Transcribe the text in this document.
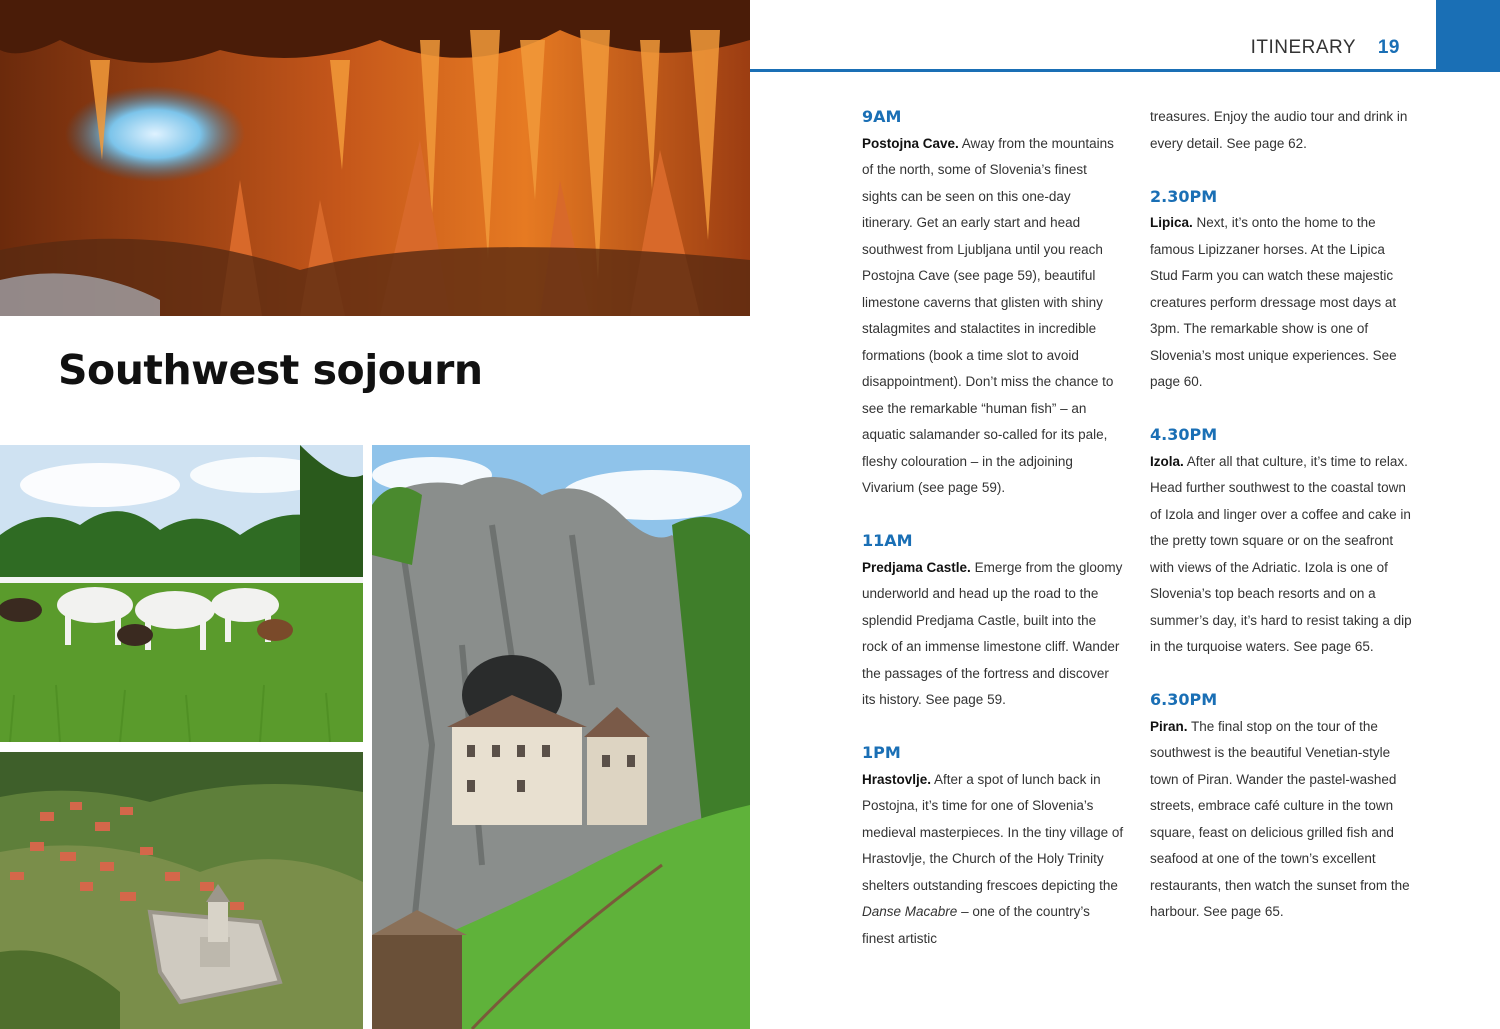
Southwest sojourn
ITINERARY 19
9AM

Postojna Cave. Away from the mountains of the north, some of Slovenia’s finest sights can be seen on this one-day itinerary. Get an early start and head southwest from Ljubljana until you reach Postojna Cave (see page 59), beautiful limestone caverns that glisten with shiny stalagmites and stalactites in incredible formations (book a time slot to avoid disappointment). Don’t miss the chance to see the remarkable “human fish” – an aquatic salamander so-called for its pale, fleshy colouration – in the adjoining Vivarium (see page 59).

11AM

Predjama Castle. Emerge from the gloomy underworld and head up the road to the splendid Predjama Castle, built into the rock of an immense limestone cliff. Wander the passages of the fortress and discover its history. See page 59.

1PM

Hrastovlje. After a spot of lunch back in Postojna, it’s time for one of Slovenia’s medieval masterpieces. In the tiny village of Hrastovlje, the Church of the Holy Trinity shelters outstanding frescoes depicting the Danse Macabre – one of the country’s finest artistic

treasures. Enjoy the audio tour and drink in every detail. See page 62.

2.30PM

Lipica. Next, it’s onto the home to the famous Lipizzaner horses. At the Lipica Stud Farm you can watch these majestic creatures perform dressage most days at 3pm. The remarkable show is one of Slovenia’s most unique experiences. See page 60.

4.30PM

Izola. After all that culture, it’s time to relax. Head further southwest to the coastal town of Izola and linger over a coffee and cake in the pretty town square or on the seafront with views of the Adriatic. Izola is one of Slovenia’s top beach resorts and on a summer’s day, it’s hard to resist taking a dip in the turquoise waters. See page 65.

6.30PM

Piran. The final stop on the tour of the southwest is the beautiful Venetian-style town of Piran. Wander the pastel-washed streets, embrace café culture in the town square, feast on delicious grilled fish and seafood at one of the town’s excellent restaurants, then watch the sunset from the harbour. See page 65.
